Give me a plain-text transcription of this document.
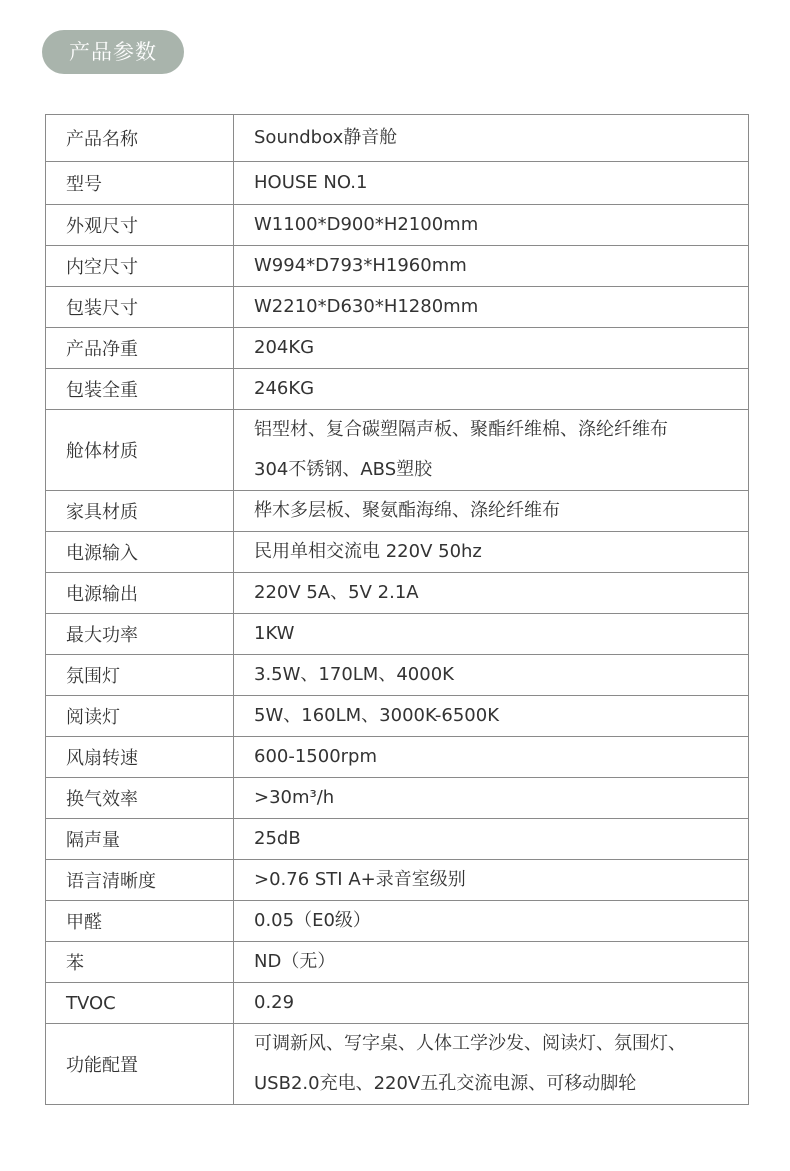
产品参数
产品名称	Soundbox静音舱

型号	HOUSE NO.1

外观尺寸	W1100*D900*H2100mm

内空尺寸	W994*D793*H1960mm

包装尺寸	W2210*D630*H1280mm

产品净重	204KG

包装全重	246KG

舱体材质	铝型材、复合碳塑隔声板、聚酯纤维棉、涤纶纤维布
304不锈钢、ABS塑胶

家具材质	桦木多层板、聚氨酯海绵、涤纶纤维布

电源输入	民用单相交流电 220V 50hz

电源输出	220V 5A、5V 2.1A

最大功率	1KW

氛围灯	3.5W、170LM、4000K

阅读灯	5W、160LM、3000K-6500K

风扇转速	600-1500rpm

换气效率	>30m³/h

隔声量	25dB

语言清晰度	>0.76 STI A+录音室级别

甲醛	0.05（E0级）

苯	ND（无）

TVOC	0.29

功能配置	可调新风、写字桌、人体工学沙发、阅读灯、氛围灯、
USB2.0充电、220V五孔交流电源、可移动脚轮
